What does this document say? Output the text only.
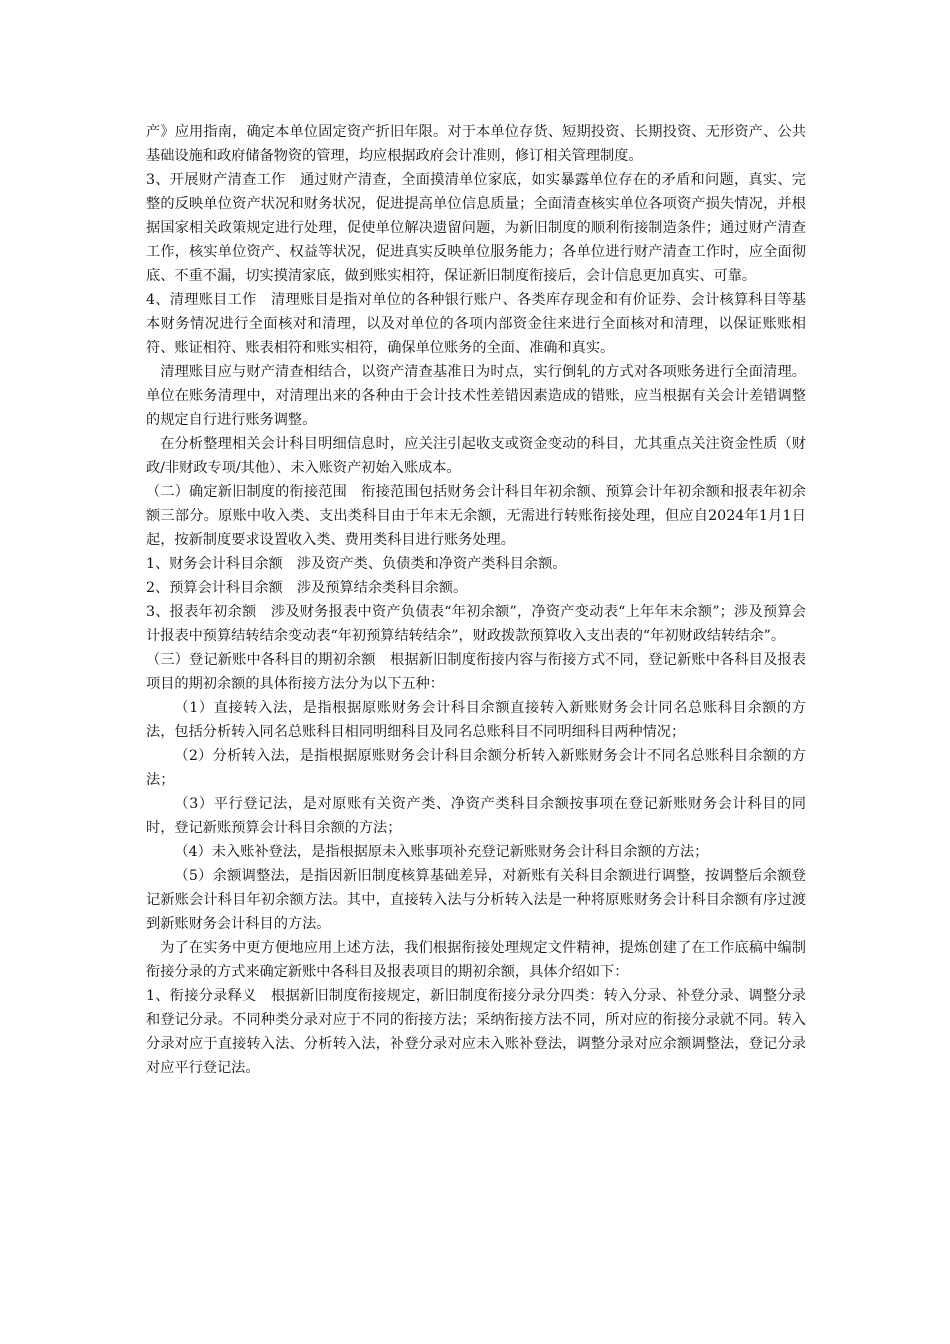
产》应用指南，确定本单位固定资产折旧年限。对于本单位存货、短期投资、长期投资、无形资产、公共基础设施和政府储备物资的管理，均应根据政府会计准则，修订相关管理制度。

3、开展财产清查工作　通过财产清查，全面摸清单位家底，如实暴露单位存在的矛盾和问题，真实、完整的反映单位资产状况和财务状况，促进提高单位信息质量；全面清查核实单位各项资产损失情况，并根据国家相关政策规定进行处理，促使单位解决遗留问题，为新旧制度的顺利衔接制造条件；通过财产清查工作，核实单位资产、权益等状况，促进真实反映单位服务能力；各单位进行财产清查工作时，应全面彻底、不重不漏，切实摸清家底，做到账实相符，保证新旧制度衔接后，会计信息更加真实、可靠。

4、清理账目工作　清理账目是指对单位的各种银行账户、各类库存现金和有价证券、会计核算科目等基本财务情况进行全面核对和清理，以及对单位的各项内部资金往来进行全面核对和清理，以保证账账相符、账证相符、账表相符和账实相符，确保单位账务的全面、准确和真实。

清理账目应与财产清查相结合，以资产清查基准日为时点，实行倒轧的方式对各项账务进行全面清理。单位在账务清理中，对清理出来的各种由于会计技术性差错因素造成的错账，应当根据有关会计差错调整的规定自行进行账务调整。

在分析整理相关会计科目明细信息时，应关注引起收支或资金变动的科目，尤其重点关注资金性质（财政/非财政专项/其他）、未入账资产初始入账成本。

（二）确定新旧制度的衔接范围　衔接范围包括财务会计科目年初余额、预算会计年初余额和报表年初余额三部分。原账中收入类、支出类科目由于年末无余额，无需进行转账衔接处理，但应自2024年1月1日起，按新制度要求设置收入类、费用类科目进行账务处理。

1、财务会计科目余额　涉及资产类、负债类和净资产类科目余额。

2、预算会计科目余额　涉及预算结余类科目余额。

3、报表年初余额　涉及财务报表中资产负债表“年初余额”，净资产变动表“上年年末余额”；涉及预算会计报表中预算结转结余变动表“年初预算结转结余”，财政拨款预算收入支出表的“年初财政结转结余”。

（三）登记新账中各科目的期初余额　根据新旧制度衔接内容与衔接方式不同，登记新账中各科目及报表项目的期初余额的具体衔接方法分为以下五种：

（1）直接转入法，是指根据原账财务会计科目余额直接转入新账财务会计同名总账科目余额的方法，包括分析转入同名总账科目相同明细科目及同名总账科目不同明细科目两种情况；

（2）分析转入法，是指根据原账财务会计科目余额分析转入新账财务会计不同名总账科目余额的方法；

（3）平行登记法，是对原账有关资产类、净资产类科目余额按事项在登记新账财务会计科目的同时，登记新账预算会计科目余额的方法；

（4）未入账补登法，是指根据原未入账事项补充登记新账财务会计科目余额的方法；

（5）余额调整法，是指因新旧制度核算基础差异，对新账有关科目余额进行调整，按调整后余额登记新账会计科目年初余额方法。其中，直接转入法与分析转入法是一种将原账财务会计科目余额有序过渡到新账财务会计科目的方法。

为了在实务中更方便地应用上述方法，我们根据衔接处理规定文件精神，提炼创建了在工作底稿中编制衔接分录的方式来确定新账中各科目及报表项目的期初余额，具体介绍如下：

1、衔接分录释义　根据新旧制度衔接规定，新旧制度衔接分录分四类：转入分录、补登分录、调整分录和登记分录。不同种类分录对应于不同的衔接方法；采纳衔接方法不同，所对应的衔接分录就不同。转入分录对应于直接转入法、分析转入法，补登分录对应未入账补登法，调整分录对应余额调整法，登记分录对应平行登记法。
